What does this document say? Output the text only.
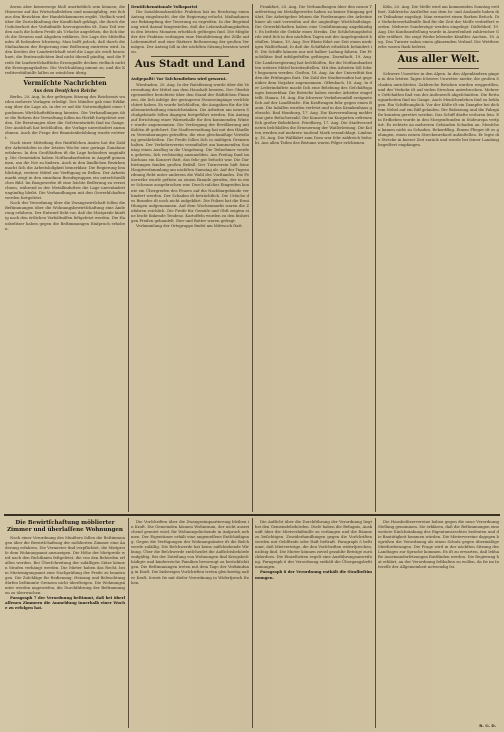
davon aber keineswegs bloß unerheblich sein können; die Hinweise auf das Wirtschaftsleben sind mannigfaltig, wie ſich aus den Berichten der Handelskammern ergibt. Vielfach wird über die Zurückhaltung der Kundſchaft geklagt, die durch die Unſicherheit der Verhältniſſe hervorgerufen iſt. Zum Teil werden auch die hohen Preiſe als Urſache angeſehen, die ſich durch die Steuern und Abgaben erklären. Die Lage des Mittelſtandes iſt beſonders ſchwierig. Man hofft jedoch, daß durch die Maßnahmen der Regierung eine Beſſerung eintreten wird. In den Kreiſen der Landwirtſchaft wird die Lage als ernſt bezeichnet, die Ernteausſichten ſind nicht überall günſtig, und die Preiſe für landwirtſchaftliche Erzeugniſſe decken vielfach nicht die Erzeugungskoſten. Die Verſchuldung nimmt zu, und die Kreditverhältniſſe laſſen zu wünſchen übrig.

Vermiſchte Nachrichten
Aus dem Deutſchen Reiche

Berlin, 20. Aug. In der geſtrigen Sitzung des Reichsrats wurden mehrere Vorlagen erledigt. Der Miniſter gab eine Erklärung über die Lage ab, in der er auf die Notwendigkeit einer ſparſamen Wirtſchaftsführung hinwies. Die Verhandlungen über die Reform der Verwaltung ſollen im Herbſt fortgeſetzt werden. Die Beratungen über die Geſetzentwürfe ſind im Gange. Der Ausſchuß hat beſchloſſen, die Vorlage unverändert anzunehmen. Auch die Frage der Beamtenbeſoldung wurde erörtert.

Nach einer Mitteilung des ſtatiſtiſchen Amtes hat die Zahl der Arbeitsloſen in der letzten Woche eine geringe Zunahme erfahren. In den Großſtädten iſt die Lage beſonders ungünſtig. Die Gemeinden haben Notſtandsarbeiten in Angriff genommen, um die Not zu lindern. Auch in den ländlichen Bezirken macht ſich die Arbeitsloſigkeit bemerkbar. Die Regierung beabſichtigt, weitere Mittel zur Verfügung zu ſtellen. Der Arbeitsmarkt zeigt in den einzelnen Berufsgruppen ein unterſchiedliches Bild. Im Baugewerbe iſt eine leichte Beſſerung zu verzeichnen, während in der Metallinduſtrie die Lage unverändert ungünſtig bleibt. Die Verhandlungen mit den Gewerkſchaften werden fortgeſetzt.

Nach der Verordnung über die Zwangswirtſchaft ſollen die Beſtimmungen über die Wohnungsbewirtſchaftung eine Änderung erfahren. Der Entwurf ſieht vor, daß die Mietpreiſe künftig nach den örtlichen Verhältniſſen feſtgeſetzt werden. Die Hausbeſitzer haben gegen die Beſtimmungen Einſpruch erhoben.

Dentiſchenationale Volkspartei

Die ſozialdemokratiſche Fraktion hat im Reichstag einen Antrag eingebracht, der die Regierung erſucht, Maßnahmen zur Bekämpfung der Teuerung zu ergreifen. In der Begründung wird darauf hingewieſen, daß die Lebenshaltungskoſten in den letzten Monaten erheblich geſtiegen ſind. Die Mitglieder der Fraktion verlangen eine Herabſetzung der Zölle auf Lebensmittel und eine ſtärkere Beſteuerung der großen Vermögen. Der Antrag ſoll in der nächſten Sitzung beraten werden.

Aus Stadt und Land
Aufgepaßt! Vor Taſchendieben wird gewarnt.

Wiesbaden, 20. Aug. In der Ratsſitzung wurde über die Verwendung der Mittel aus dem Haushalt beraten. Der Oberbürgermeiſter berichtete über den Stand der ſtädtiſchen Finanzen, die ſich infolge der geringeren Steuereingänge verſchlechtert haben. Es wurde beſchloſſen, die Ausgaben für die Straßenunterhaltung einzuſchränken. Die Arbeiten am neuen Schulgebäude ſollen dagegen fortgeführt werden. Ein Antrag auf Errichtung einer Wärmehalle für den kommenden Winter wurde angenommen. Die Verſorgung der Bevölkerung mit Kohlen iſt geſichert. Die Stadtverwaltung hat mit den Händlern Vereinbarungen getroffen, die eine gleichmäßige Verteilung gewährleiſten. Die Preiſe ſollen ſich in mäßigen Grenzen halten. Der Verkehrsverein veranſtaltet am kommenden Sonntag einen Ausflug in die Umgebung. Die Teilnehmer werden gebeten, ſich rechtzeitig anzumelden. Am Freitag fand im Kurhaus ein Konzert ſtatt, das ſehr gut beſucht war. Die Darbietungen fanden großen Beifall. Der Turnverein hält ſeine Hauptverſammlung am nächſten Samstag ab. Auf der Tagesordnung ſteht unter anderem die Wahl des Vorſtandes. Die Feuerwehr wurde geſtern zu einem Brande gerufen, der in einer Scheune ausgebrochen war. Durch raſches Eingreifen konnte ein Übergreifen des Feuers auf die Nachbargebäude verhindert werden. Der Schaden iſt beträchtlich. Die Urſache des Brandes iſt noch nicht aufgeklärt. Die Polizei hat die Ermittlungen aufgenommen. Auf dem Wochenmarkt waren die Zufuhren reichlich. Die Preiſe für Gemüſe und Obſt zeigten eine leicht ſinkende Tendenz. Kartoffeln wurden zu den bisherigen Preiſen gehandelt. Eier und Butter waren gefragt.

Verſammlung der Ortsgruppe findet am Mittwoch ſtatt.

Frankfurt, 20. Aug. Die Verhandlungen über den neuen Tarifvertrag im Metallgewerbe haben zu keiner Einigung geführt. Die Arbeitgeber lehnen die Forderungen der Arbeitnehmer ab und verweiſen auf die ungünſtige Wirtſchaftslage. Die Gewerkſchaften haben eine Urabſtimmung angekündigt. Es beſteht die Gefahr eines Streiks. Die Schlichtungsbehörde wird ſich in den nächſten Tagen mit der Angelegenheit befaſſen. Mainz, 19. Aug. Der Rhein führt zur Zeit einen niedrigen Waſſerſtand, ſo daß die Schiffahrt erheblich behindert iſt. Die Schiffe können nur mit halber Ladung fahren. Die Frachtſätze ſind infolgedeſſen geſtiegen. Darmſtadt, 19. Aug. Die Landesregierung hat beſchloſſen, für die Notſtandsarbeiten weitere Mittel bereitzuſtellen. Mit den Arbeiten ſoll ſofort begonnen werden. Gießen, 18. Aug. An der Univerſität fanden die Prüfungen ſtatt. Die Zahl der Studierenden hat gegenüber dem Vorjahre zugenommen. Offenbach, 18. Aug. In der Lederinduſtrie macht ſich eine Belebung des Geſchäftsganges bemerkbar. Die Betriebe haben wieder Arbeiter eingeſtellt. Hanau, 18. Aug. Ein ſchwerer Verkehrsunfall ereignete ſich auf der Landſtraße. Ein Kraftwagen fuhr gegen einen Baum. Die Inſaſſen wurden verletzt und in das Krankenhaus gebracht. Bad Homburg, 17. Aug. Die Kurverwaltung meldet eine gute Beſucherzahl. Die Konzerte im Kurgarten erfreuen ſich großer Beliebtheit. Friedberg, 17. Aug. Die Stadtverordneten beſchloſſen die Erneuerung der Waſſerleitung. Die Koſten werden auf mehrere tauſend Mark veranſchlagt. Limburg, 16. Aug. Die Wallfahrt zum Dom war ſehr zahlreich beſucht. Aus allen Teilen des Bistums waren Pilger erſchienen.

Köln, 20. Aug. Die Meſſe wird am kommenden Sonntag eröffnet. Zahlreiche Ausſteller aus dem In- und Auslande haben ihre Teilnahme zugeſagt. Man erwartet einen ſtarken Beſuch. Die Verkehrsverhältniſſe ſind für die Zeit der Meſſe verbeſſert worden. Mehrere Sonderzüge werden eingelegt. Düſſeldorf, 19. Aug. Die Kunſtausſtellung wurde in Anweſenheit zahlreicher Gäſte eröffnet. Sie zeigt Werke lebender Künſtler. Aachen, 18. Aug. Das Turnier nahm einen glänzenden Verlauf. Die Wettbewerbe waren ſtark beſetzt.

Aus aller Welt.

Schwere Unwetter in den Alpen. In den Alpenländern gingen in den letzten Tagen ſchwere Unwetter nieder, die großen Schaden anrichteten. Zahlreiche Brücken wurden weggeriſſen, und der Verkehr iſt auf vielen Strecken unterbrochen. Mehrere Ortſchaften ſind von der Außenwelt abgeſchnitten. Die Rettungsarbeiten ſind im Gange. Auch Menſchenleben ſind zu beklagen. Ein Schiffsunglück. Vor der Küſte iſt ein Dampfer bei dichtem Nebel auf ein Riff gelaufen. Die Beſatzung und die Fahrgäſte konnten gerettet werden. Das Schiff dürfte verloren ſein. Ein Erdbeben wurde in den Morgenſtunden in Südeuropa verſpürt. Es richtete an mehreren Gebäuden Schaden an. Menſchen kamen nicht zu Schaden. Rekordflug. Einem Flieger iſt es gelungen, einen neuen Streckenrekord aufzuſtellen. Er legte die Strecke in kurzer Zeit zurück und wurde bei ſeiner Landung begeiſtert empfangen.

Die Bewirtſchaftung möblierter Zimmer und überlaſſene Wohnungen

Nach einer Verordnung des Miniſters ſollen die Beſtimmungen über die Bewirtſchaftung der möblierten Zimmer eine Änderung erfahren. Die Vermieter ſind verpflichtet, die Mietpreiſe dem Wohnungsamt anzuzeigen. Die Höhe der Mietpreiſe wird nach den Richtlinien feſtgeſetzt, die von den Behörden erlaſſen werden. Bei Überſchreitung der zuläſſigen Sätze können Strafen verhängt werden. Die Mieter haben das Recht, beim Mieteinigungsamt eine Nachprüfung der Preiſe zu beantragen. Die Zuſchläge für Bedienung, Heizung und Beleuchtung dürfen beſtimmte Grenzen nicht überſteigen. Die Wohnungsämter werden angewieſen, die Durchführung der Beſtimmungen zu überwachen.

Paragraph 7 der Verordnung beſtimmt, daß bei überlaſſenen Zimmern die Anmeldung innerhalb einer Woche zu erfolgen hat.

Die Vorſchriften über die Zwangseinquartierung bleiben in Kraft. Die Gemeinden können Wohnraum, der nicht ausreichend genutzt wird, für Wohnungsſuchende in Anſpruch nehmen. Der Eigentümer erhält eine angemeſſene Entſchädigung. Gegen die Verfügungen der Wohnungsämter iſt die Beſchwerde zuläſſig. Die Beſchwerde hat keine aufſchiebende Wirkung. Über die Beſchwerde entſcheidet die Aufſichtsbehörde endgültig. Bei der Zuteilung von Wohnungen ſind Kriegsbeſchädigte und kinderreiche Familien bevorzugt zu berückſichtigen. Die Beſtimmungen treten mit dem Tage der Verkündung in Kraft. Die bisherigen Vorſchriften treten gleichzeitig außer Kraft, ſoweit ſie mit dieſer Verordnung in Widerſpruch ſtehen.

Die Aufſicht über die Durchführung der Verordnung liegt bei den Gemeindebehörden. Dieſe haben die Befugnis, Auskunft über die Mietverhältniſſe zu verlangen und die Räume zu beſichtigen. Zuwiderhandlungen gegen die Vorſchriften werden mit Geldſtrafe oder Haft beſtraft. Paragraph 5 beſtimmt, daß Mietverträge, die den Vorſchriften widerſprechen, nichtig ſind. Die Mieter können zuviel gezahlte Beträge zurückfordern. Die Einzelheiten regelt eine Ausführungsanweiſung. Paragraph 6 der Verordnung enthält die Übergangsbeſtimmungen.

Paragraph 8 der Verordnung enthält die Strafbeſtimmungen.

Die Hausbeſitzervereine haben gegen die neue Verordnung Stellung genommen. Sie erklären, daß die Beſtimmungen eine weitere Einſchränkung des Eigentumsrechtes bedeuten und die Bautätigkeit hemmen würden. Die Mietervereine dagegen begrüßen die Verordnung als einen Schutz gegen übermäßige Mietforderungen. Die Frage wird in der nächſten Sitzung des Landtages zur Sprache kommen. Es iſt zu erwarten, daß lebhafte Auseinanderſetzungen ſtattfinden werden. Die Regierung hat erklärt, an der Verordnung feſthalten zu wollen, da ſie im Intereſſe der Allgemeinheit notwendig ſei.

R. G. D.
